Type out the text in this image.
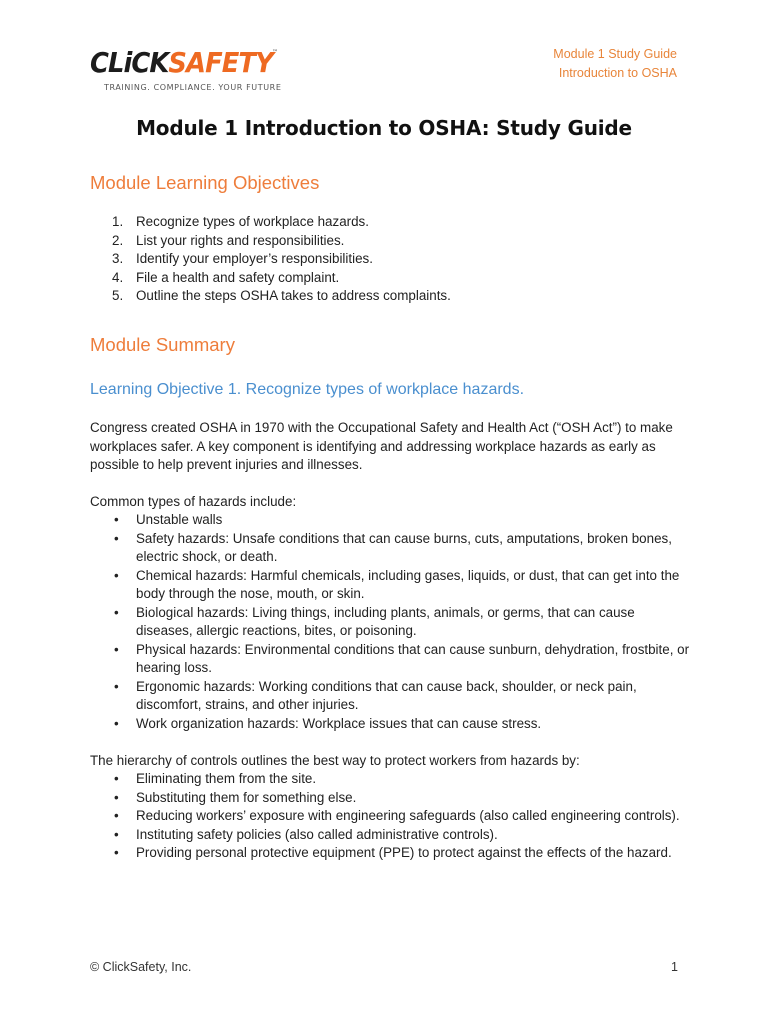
CLiCKSAFETY ™
TRAINING. COMPLIANCE. YOUR FUTURE
Module 1 Study Guide
Introduction to OSHA
Module 1 Introduction to OSHA: Study Guide
Module Learning Objectives
1. Recognize types of workplace hazards.
2. List your rights and responsibilities.
3. Identify your employer’s responsibilities.
4. File a health and safety complaint.
5. Outline the steps OSHA takes to address complaints.
Module Summary
Learning Objective 1. Recognize types of workplace hazards.

Congress created OSHA in 1970 with the Occupational Safety and Health Act (“OSH Act”) to make workplaces safer. A key component is identifying and addressing workplace hazards as early as possible to help prevent injuries and illnesses.

Common types of hazards include:

• Unstable walls
• Safety hazards: Unsafe conditions that can cause burns, cuts, amputations, broken bones, electric shock, or death.
• Chemical hazards: Harmful chemicals, including gases, liquids, or dust, that can get into the body through the nose, mouth, or skin.
• Biological hazards: Living things, including plants, animals, or germs, that can cause diseases, allergic reactions, bites, or poisoning.
• Physical hazards: Environmental conditions that can cause sunburn, dehydration, frostbite, or hearing loss.
• Ergonomic hazards: Working conditions that can cause back, shoulder, or neck pain, discomfort, strains, and other injuries.
• Work organization hazards: Workplace issues that can cause stress.

The hierarchy of controls outlines the best way to protect workers from hazards by:

• Eliminating them from the site.
• Substituting them for something else.
• Reducing workers’ exposure with engineering safeguards (also called engineering controls).
• Instituting safety policies (also called administrative controls).
• Providing personal protective equipment (PPE) to protect against the effects of the hazard.
© ClickSafety, Inc.	1
